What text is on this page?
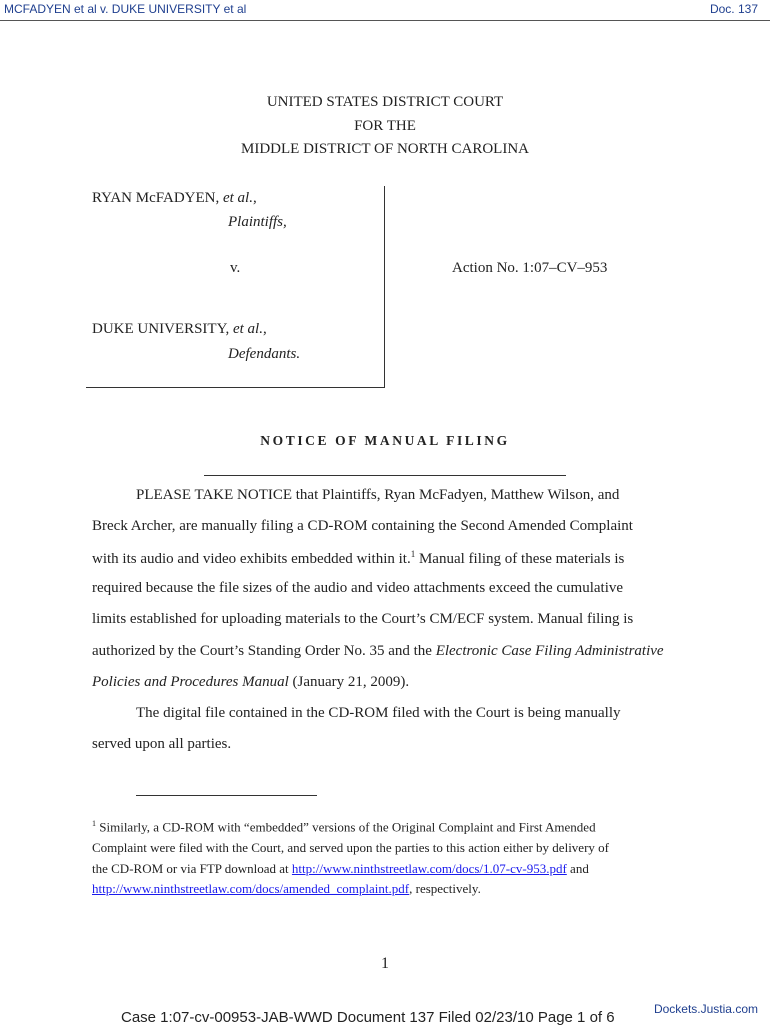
MCFADYEN et al v. DUKE UNIVERSITY et al	Doc. 137
UNITED STATES DISTRICT COURT
FOR THE
MIDDLE DISTRICT OF NORTH CAROLINA
RYAN McFADYEN, et al.,
Plaintiffs,
v.
DUKE UNIVERSITY, et al.,
Defendants.
Action No. 1:07–CV–953
NOTICE OF MANUAL FILING
PLEASE TAKE NOTICE that Plaintiffs, Ryan McFadyen, Matthew Wilson, and
Breck Archer, are manually filing a CD-ROM containing the Second Amended Complaint
with its audio and video exhibits embedded within it.$^1$ Manual filing of these materials is
required because the file sizes of the audio and video attachments exceed the cumulative
limits established for uploading materials to the Court’s CM/ECF system. Manual filing is
authorized by the Court’s Standing Order No. 35 and the Electronic Case Filing Administrative
Policies and Procedures Manual (January 21, 2009).
The digital file contained in the CD-ROM filed with the Court is being manually
served upon all parties.
$^1$ Similarly, a CD-ROM with “embedded” versions of the Original Complaint and First Amended
Complaint were filed with the Court, and served upon the parties to this action either by delivery of
the CD-ROM or via FTP download at http://www.ninthstreetlaw.com/docs/1.07-cv-953.pdf and
http://www.ninthstreetlaw.com/docs/amended_complaint.pdf, respectively.
1
Case 1:07-cv-00953-JAB-WWD Document 137 Filed 02/23/10 Page 1 of 6	Dockets.Justia.com
